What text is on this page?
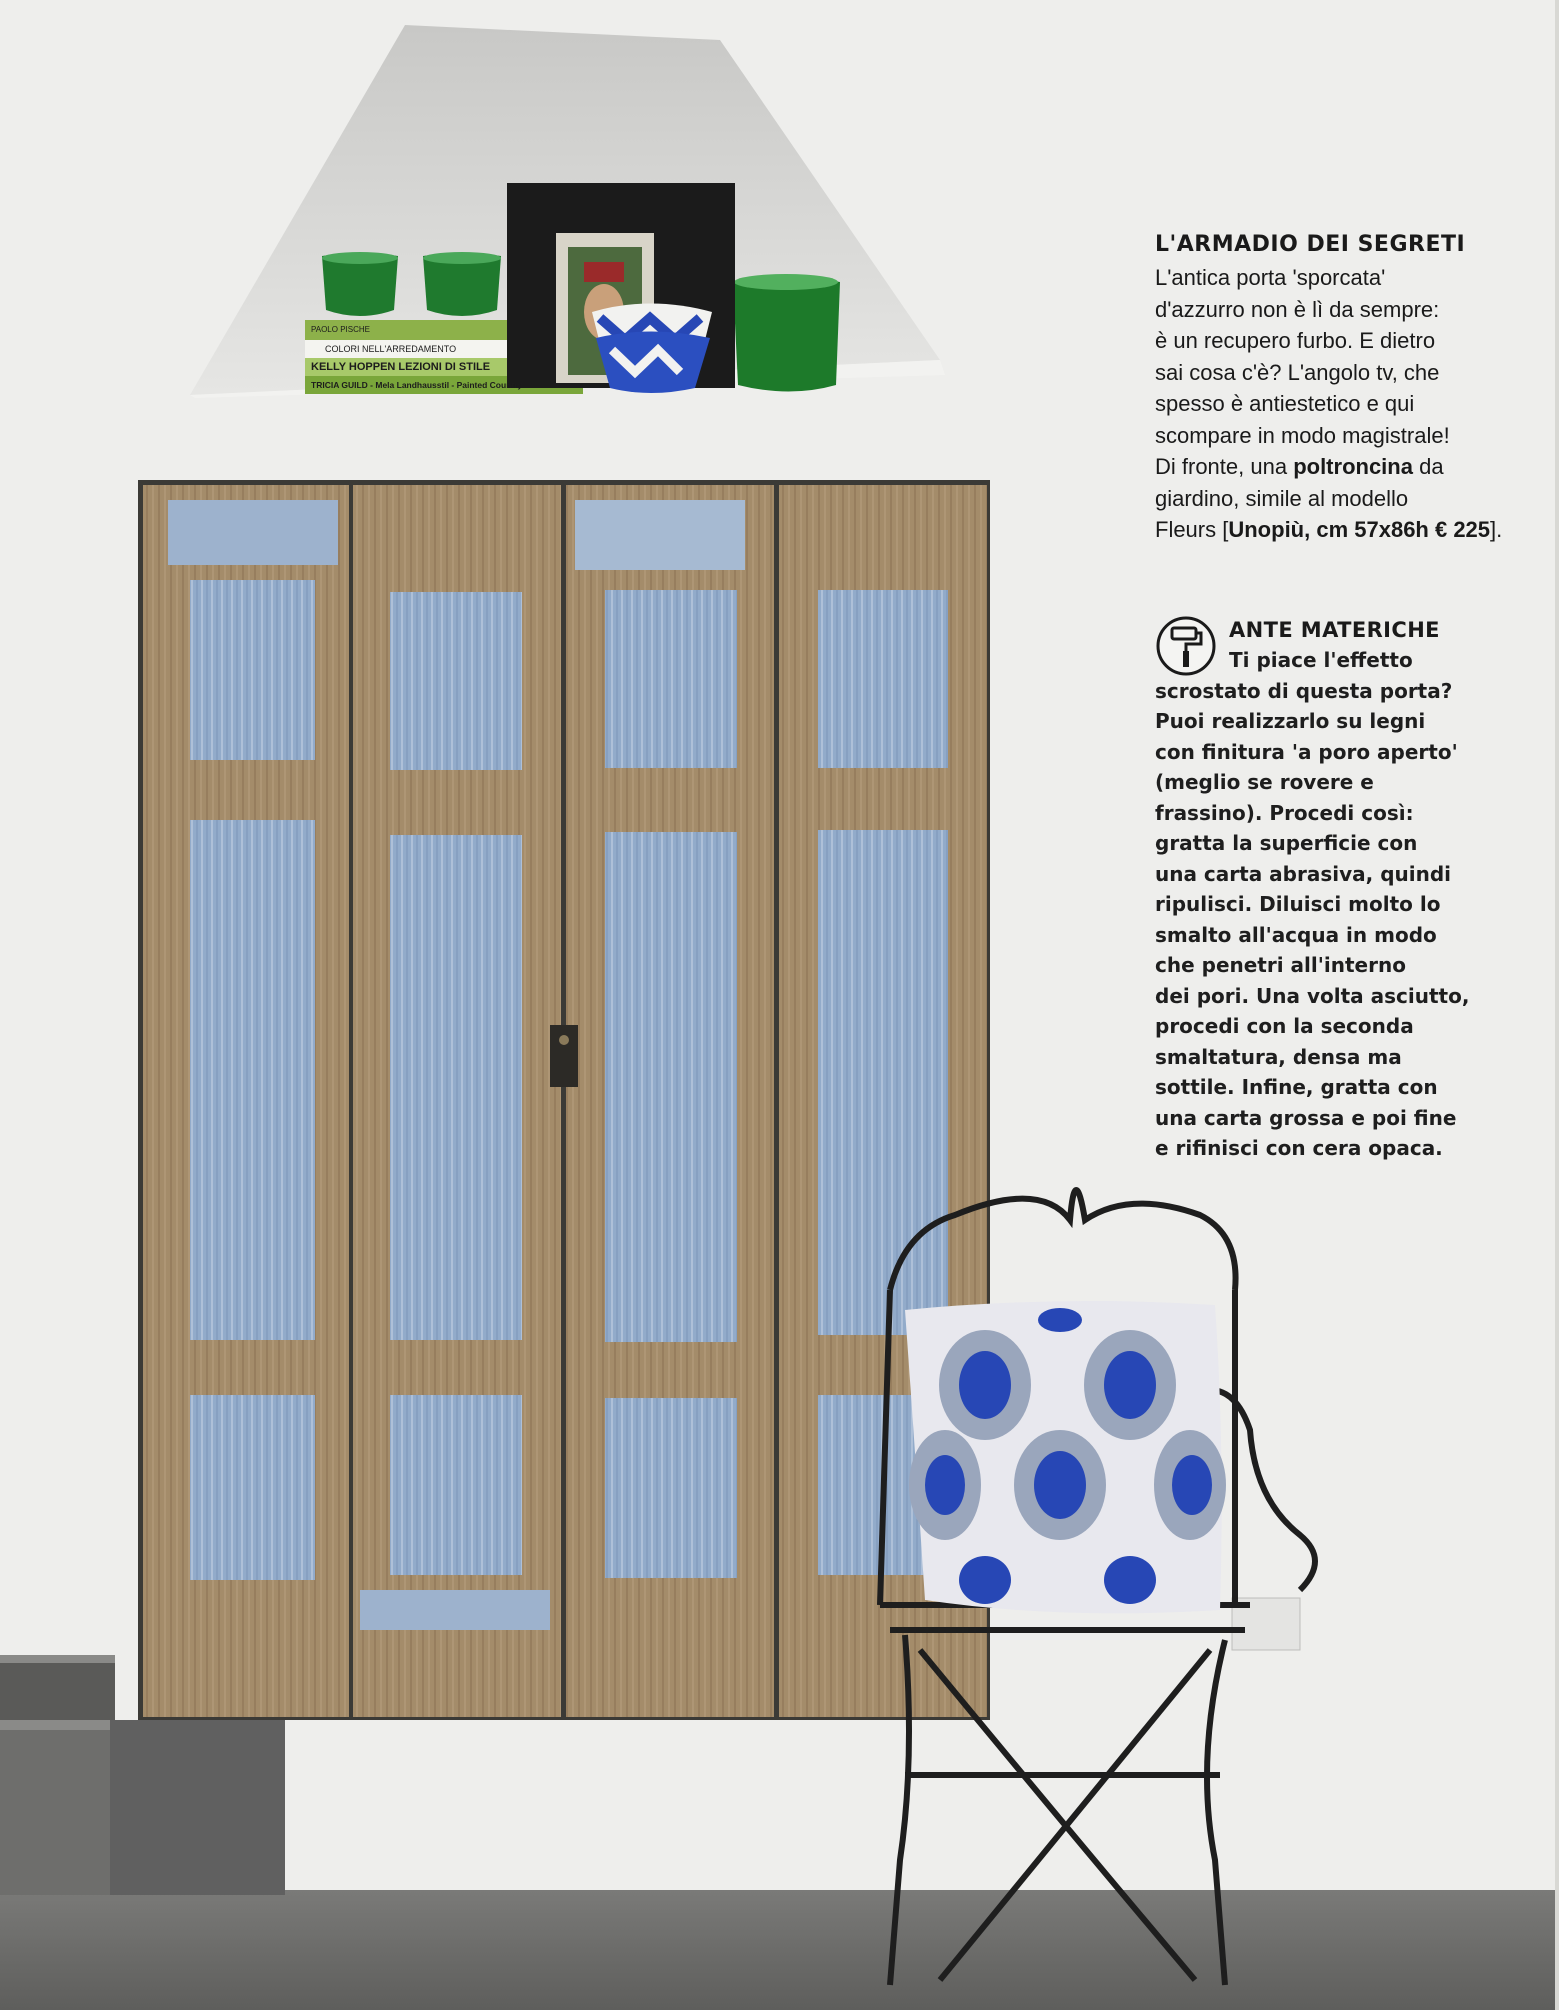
L'ARMADIO DEI SEGRETI
L'antica porta 'sporcata'
d'azzurro non è lì da sempre:
è un recupero furbo. E dietro
sai cosa c'è? L'angolo tv, che
spesso è antiestetico e qui
scompare in modo magistrale!
Di fronte, una poltroncina da
giardino, simile al modello
Fleurs [Unopiù, cm 57x86h € 225].
ANTE MATERICHE
Ti piace l'effetto
scrostato di questa porta?
Puoi realizzarlo su legni
con finitura 'a poro aperto'
(meglio se rovere e
frassino). Procedi così:
gratta la superficie con
una carta abrasiva, quindi
ripulisci. Diluisci molto lo
smalto all'acqua in modo
che penetri all'interno
dei pori. Una volta asciutto,
procedi con la seconda
smaltatura, densa ma
sottile. Infine, gratta con
una carta grossa e poi fine
e rifinisci con cera opaca.
PAOLO PISCHE
COLORI NELL'ARREDAMENTO
KELLY HOPPEN LEZIONI DI STILE
TRICIA GUILD - Mela Landhausstil - Painted Country
